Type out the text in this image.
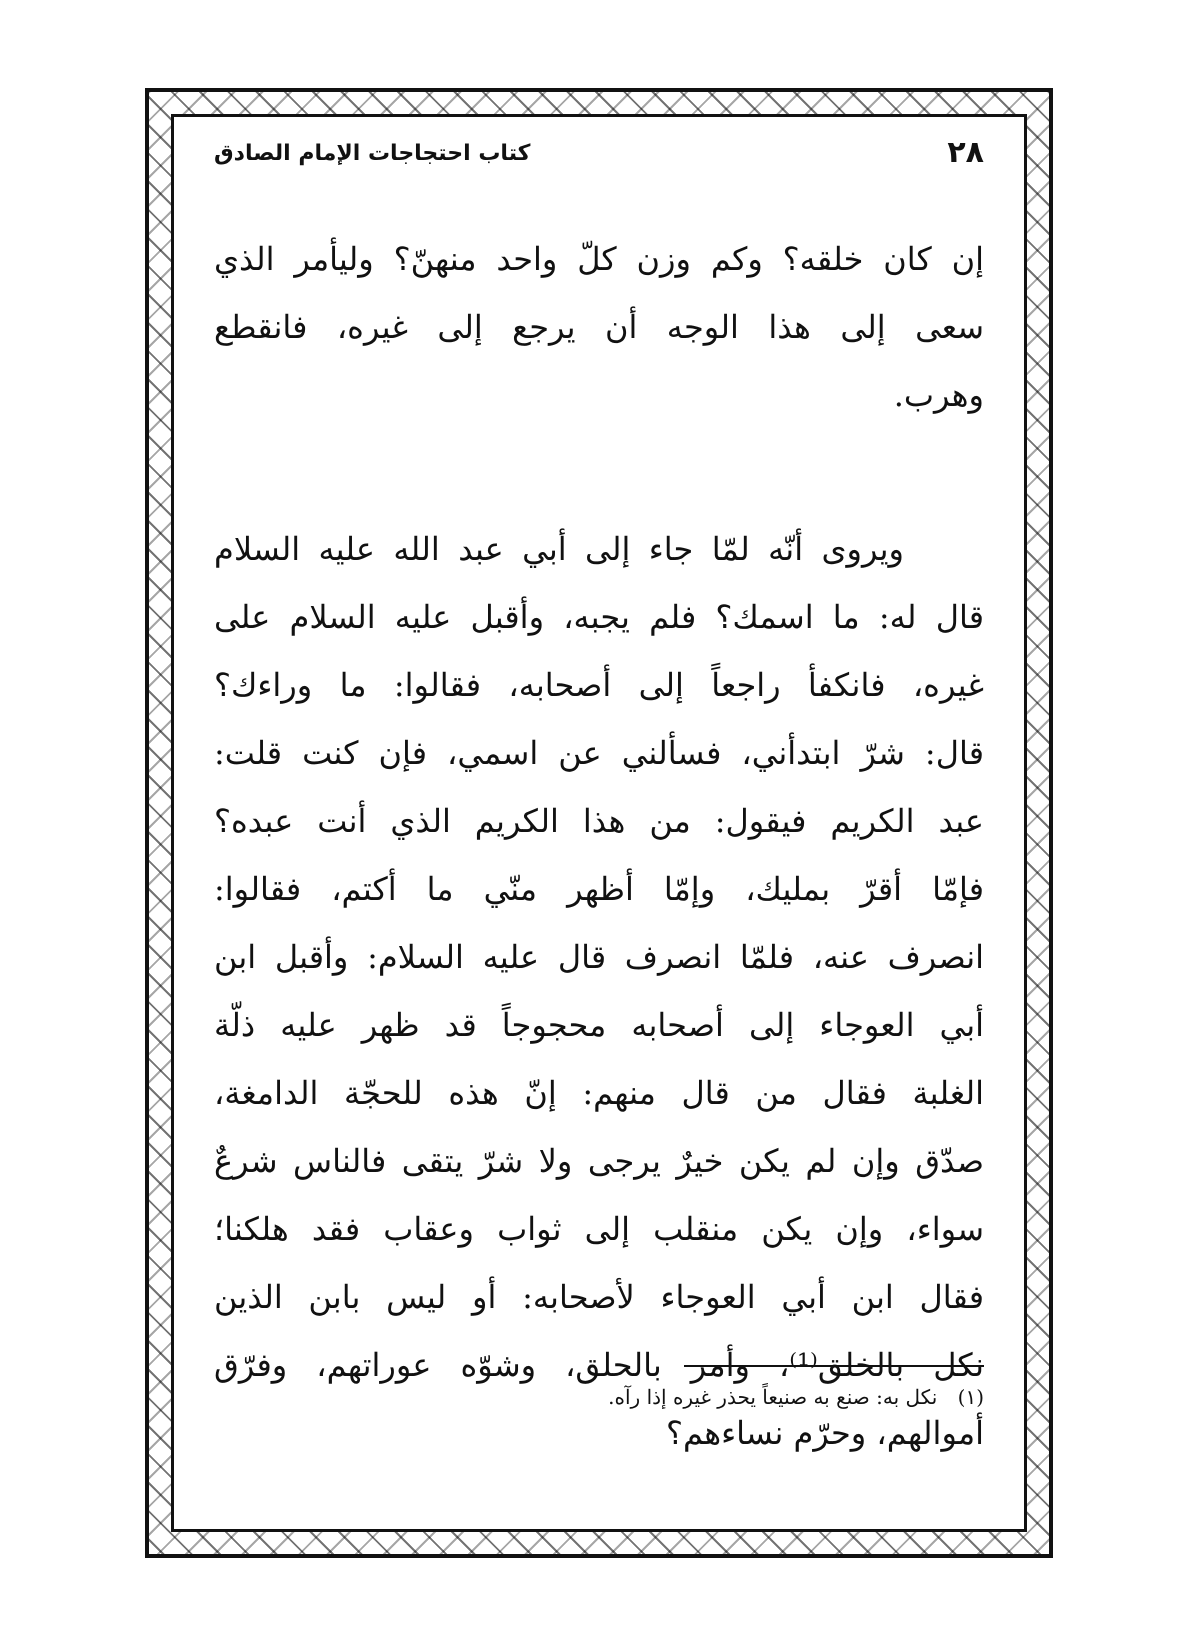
٢٨
كتاب احتجاجات الإمام الصادق
إن كان خلقه؟ وكم وزن كلّ واحد منهنّ؟ وليأمر الذي
سعى إلى هذا الوجه أن يرجع إلى غيره، فانقطع
وهرب.
ويروى أنّه لمّا جاء إلى أبي عبد الله عليه السلام
قال له: ما اسمك؟ فلم يجبه، وأقبل عليه السلام على
غيره، فانكفأ راجعاً إلى أصحابه، فقالوا: ما وراءك؟
قال: شرّ ابتدأني، فسألني عن اسمي، فإن كنت قلت:
عبد الكريم فيقول: من هذا الكريم الذي أنت عبده؟
فإمّا أقرّ بمليك، وإمّا أظهر منّي ما أكتم، فقالوا:
انصرف عنه، فلمّا انصرف قال عليه السلام: وأقبل ابن
أبي العوجاء إلى أصحابه محجوجاً قد ظهر عليه ذلّة
الغلبة فقال من قال منهم: إنّ هذه للحجّة الدامغة،
صدّق وإن لم يكن خيرٌ يرجى ولا شرّ يتقى فالناس شرعٌ
سواء، وإن يكن منقلب إلى ثواب وعقاب فقد هلكنا؛
فقال ابن أبي العوجاء لأصحابه: أو ليس بابن الذين
نكل بالخلق⁽¹⁾، وأمر بالحلق، وشوّه عوراتهم، وفرّق
أموالهم، وحرّم نساءهم؟
(١) نكل به: صنع به صنيعاً يحذر غيره إذا رآه.
